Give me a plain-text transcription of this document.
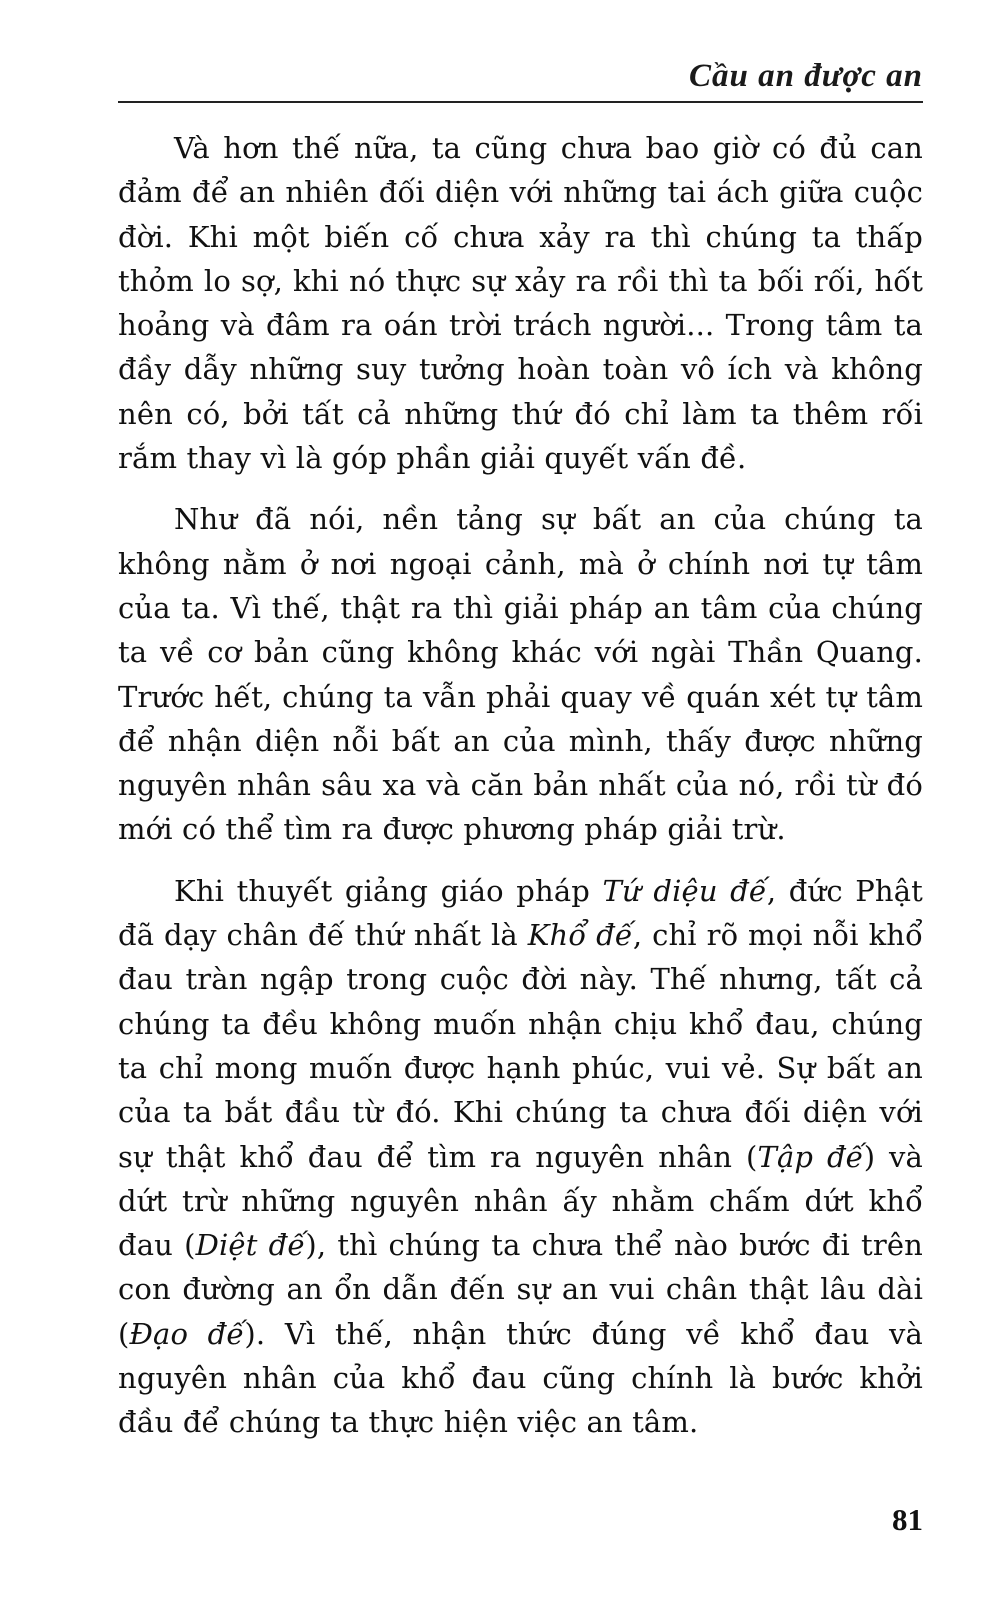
Cầu an được an

Và hơn thế nữa, ta cũng chưa bao giờ có đủ can đảm để an nhiên đối diện với những tai ách giữa cuộc đời. Khi một biến cố chưa xảy ra thì chúng ta thấp thỏm lo sợ, khi nó thực sự xảy ra rồi thì ta bối rối, hốt hoảng và đâm ra oán trời trách người... Trong tâm ta đầy dẫy những suy tưởng hoàn toàn vô ích và không nên có, bởi tất cả những thứ đó chỉ làm ta thêm rối rắm thay vì là góp phần giải quyết vấn đề.

Như đã nói, nền tảng sự bất an của chúng ta không nằm ở nơi ngoại cảnh, mà ở chính nơi tự tâm của ta. Vì thế, thật ra thì giải pháp an tâm của chúng ta về cơ bản cũng không khác với ngài Thần Quang. Trước hết, chúng ta vẫn phải quay về quán xét tự tâm để nhận diện nỗi bất an của mình, thấy được những nguyên nhân sâu xa và căn bản nhất của nó, rồi từ đó mới có thể tìm ra được phương pháp giải trừ.

Khi thuyết giảng giáo pháp Tứ diệu đế, đức Phật đã dạy chân đế thứ nhất là Khổ đế, chỉ rõ mọi nỗi khổ đau tràn ngập trong cuộc đời này. Thế nhưng, tất cả chúng ta đều không muốn nhận chịu khổ đau, chúng ta chỉ mong muốn được hạnh phúc, vui vẻ. Sự bất an của ta bắt đầu từ đó. Khi chúng ta chưa đối diện với sự thật khổ đau để tìm ra nguyên nhân (Tập đế) và dứt trừ những nguyên nhân ấy nhằm chấm dứt khổ đau (Diệt đế), thì chúng ta chưa thể nào bước đi trên con đường an ổn dẫn đến sự an vui chân thật lâu dài (Đạo đế). Vì thế, nhận thức đúng về khổ đau và nguyên nhân của khổ đau cũng chính là bước khởi đầu để chúng ta thực hiện việc an tâm.

81
